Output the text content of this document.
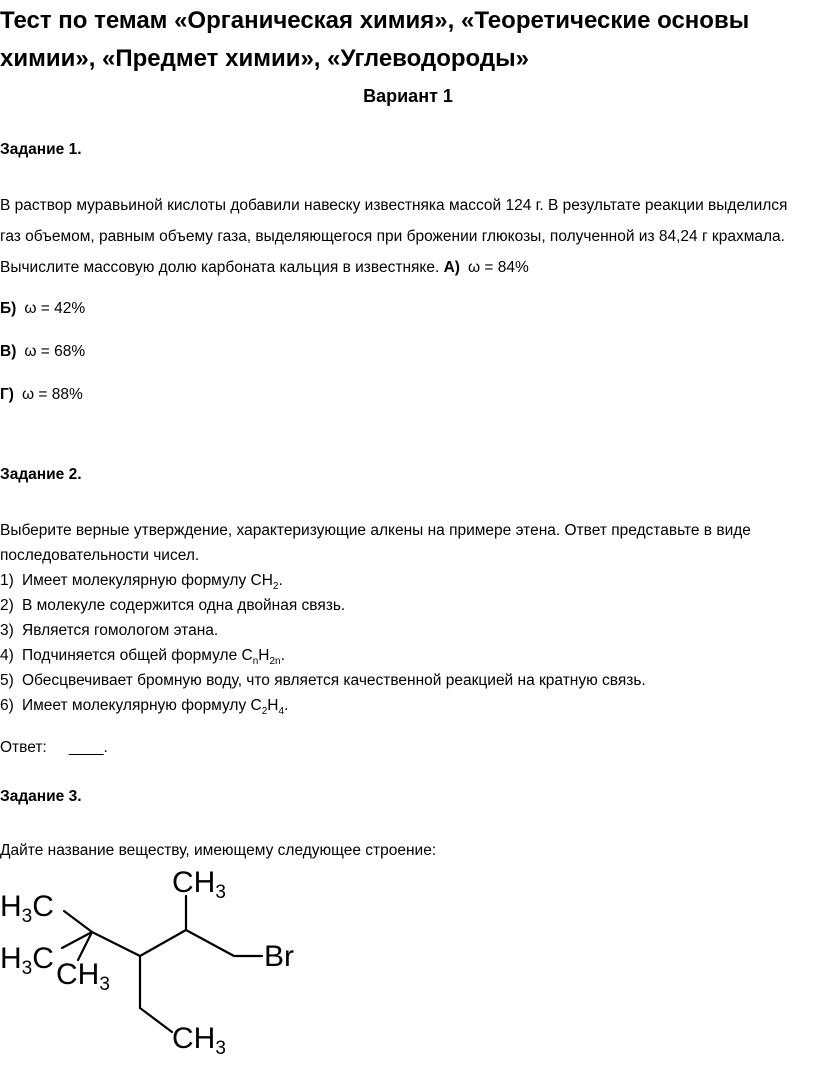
Тест по темам «Органическая химия», «Теоретические основы химии», «Предмет химии», «Углеводороды»
Вариант 1

Задание 1.

В раствор муравьиной кислоты добавили навеску известняка массой 124 г. В результате реакции выделился газ объемом, равным объему газа, выделяющегося при брожении глюкозы, полученной из 84,24 г крахмала. Вычислите массовую долю карбоната кальция в известняке. А) ω = 84%

Б) ω = 42%

В) ω = 68%

Г) ω = 88%

Задание 2.

Выберите верные утверждение, характеризующие алкены на примере этена. Ответ представьте в виде последовательности чисел.

1) Имеет молекулярную формулу $CH_2$.
2) В молекуле содержится одна двойная связь.
3) Является гомологом этана.
4) Подчиняется общей формуле $C_nH_{2n}$.
5) Обесцвечивает бромную воду, что является качественной реакцией на кратную связь.
6) Имеет молекулярную формулу $C_2H_4$.

Ответ: ____.

Задание 3.

Дайте название веществу, имеющему следующее строение:

$CH_3$
$H_3C$
$H_3C$ $CH_3$
Br
$CH_3$
